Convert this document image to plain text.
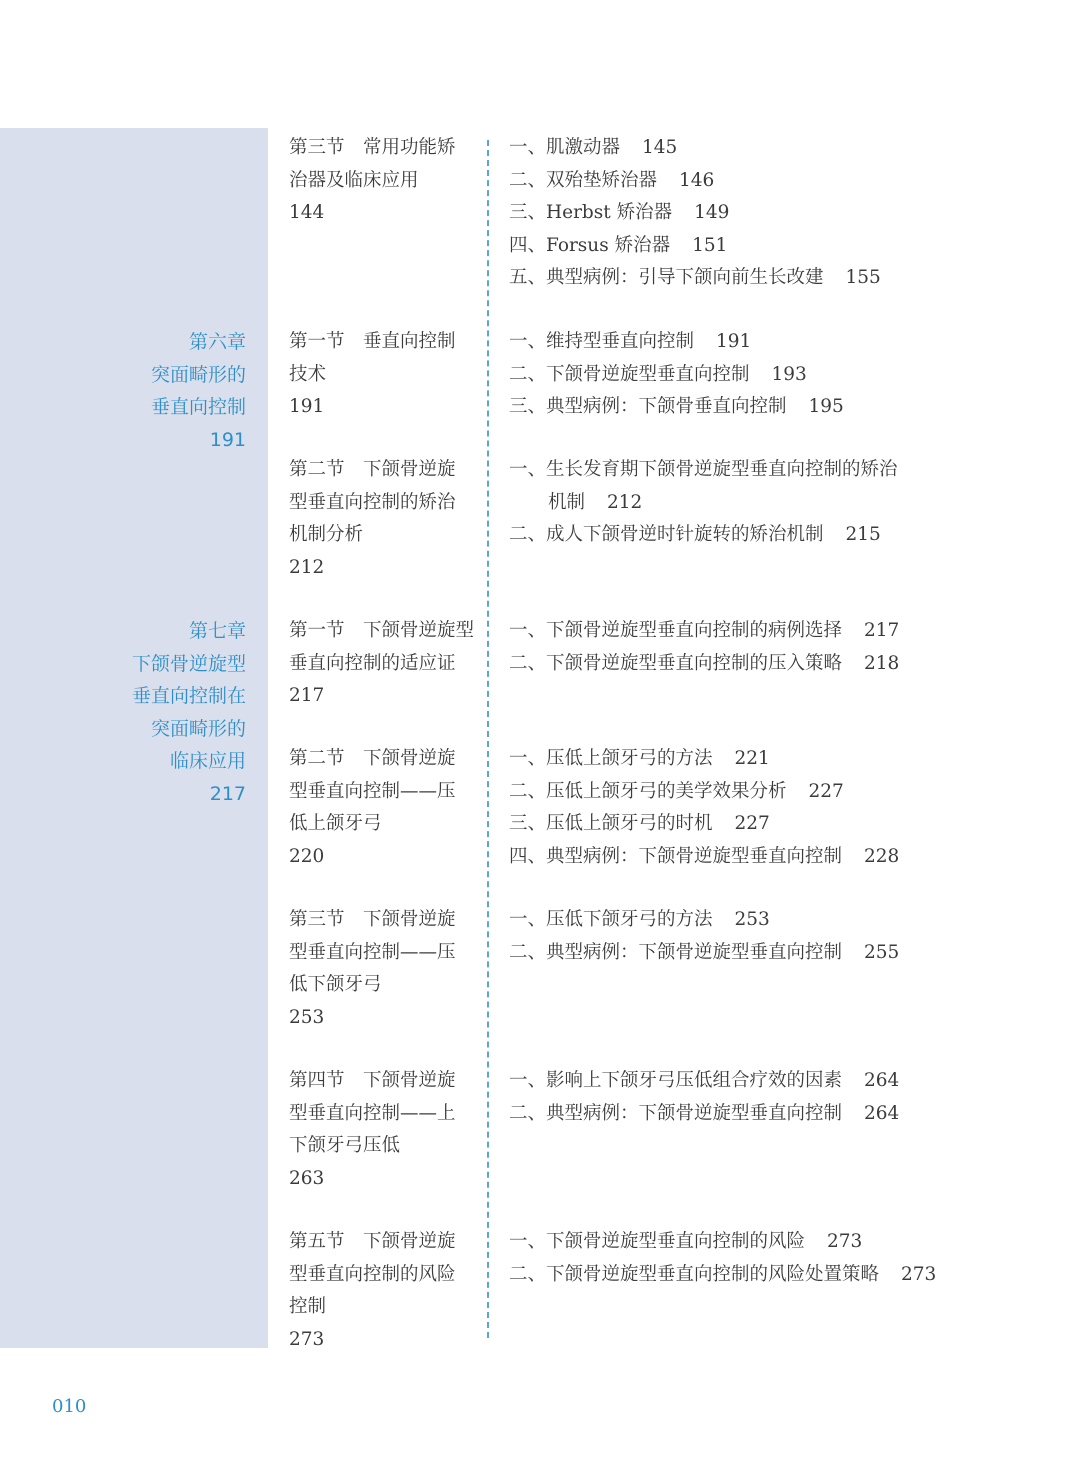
第六章
突面畸形的
垂直向控制
191
第七章
下颌骨逆旋型
垂直向控制在
突面畸形的
临床应用
217
第三节　常用功能矫
治器及临床应用
144
一、肌激动器 145
二、双殆垫矫治器 146
三、Herbst 矫治器 149
四、Forsus 矫治器 151
五、典型病例：引导下颌向前生长改建 155
第一节　垂直向控制
技术
191
一、维持型垂直向控制 191
二、下颌骨逆旋型垂直向控制 193
三、典型病例：下颌骨垂直向控制 195
第二节　下颌骨逆旋
型垂直向控制的矫治
机制分析
212
一、生长发育期下颌骨逆旋型垂直向控制的矫治
机制 212
二、成人下颌骨逆时针旋转的矫治机制 215
第一节　下颌骨逆旋型
垂直向控制的适应证
217
一、下颌骨逆旋型垂直向控制的病例选择 217
二、下颌骨逆旋型垂直向控制的压入策略 218
第二节　下颌骨逆旋
型垂直向控制——压
低上颌牙弓
220
一、压低上颌牙弓的方法 221
二、压低上颌牙弓的美学效果分析 227
三、压低上颌牙弓的时机 227
四、典型病例：下颌骨逆旋型垂直向控制 228
第三节　下颌骨逆旋
型垂直向控制——压
低下颌牙弓
253
一、压低下颌牙弓的方法 253
二、典型病例：下颌骨逆旋型垂直向控制 255
第四节　下颌骨逆旋
型垂直向控制——上
下颌牙弓压低
263
一、影响上下颌牙弓压低组合疗效的因素 264
二、典型病例：下颌骨逆旋型垂直向控制 264
第五节　下颌骨逆旋
型垂直向控制的风险
控制
273
一、下颌骨逆旋型垂直向控制的风险 273
二、下颌骨逆旋型垂直向控制的风险处置策略 273
010
